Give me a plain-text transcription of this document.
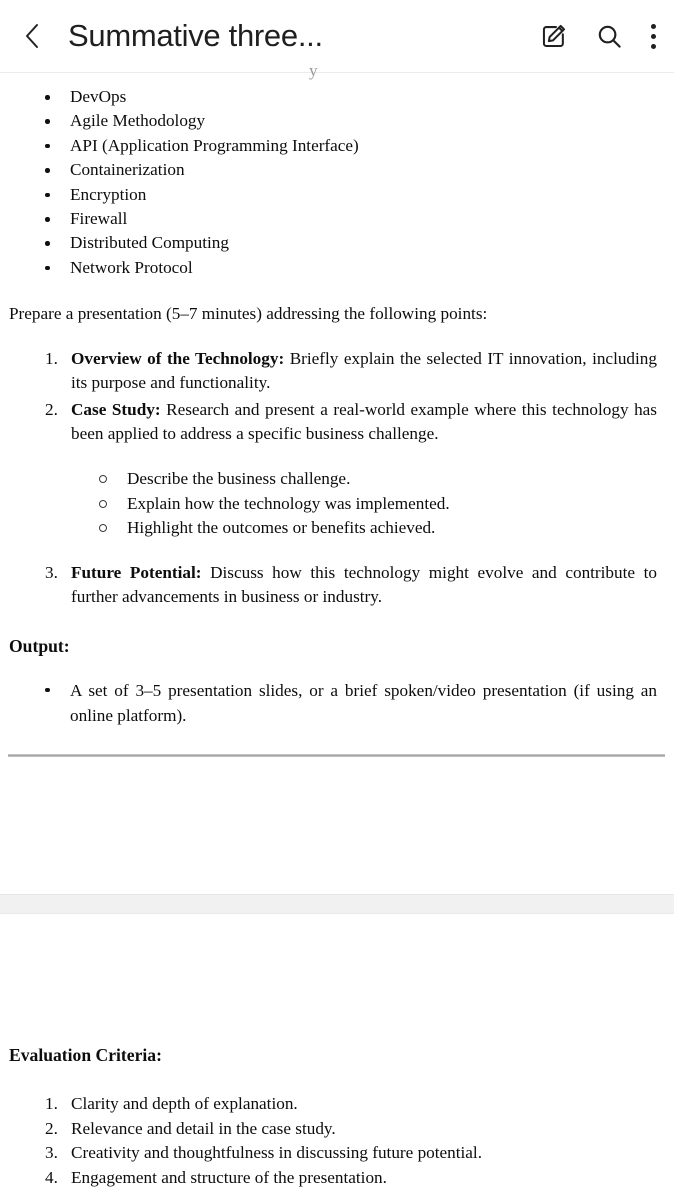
Summative three...
y
DevOps
Agile Methodology
API (Application Programming Interface)
Containerization
Encryption
Firewall
Distributed Computing
Network Protocol

Prepare a presentation (5–7 minutes) addressing the following points:

1. Overview of the Technology: Briefly explain the selected IT innovation, including its purpose and functionality.
2. Case Study: Research and present a real-world example where this technology has been applied to address a specific business challenge.
Describe the business challenge.
Explain how the technology was implemented.
Highlight the outcomes or benefits achieved.
3. Future Potential: Discuss how this technology might evolve and contribute to further advancements in business or industry.
Output:
A set of 3–5 presentation slides, or a brief spoken/video presentation (if using an online platform).
Evaluation Criteria:
1. Clarity and depth of explanation.
2. Relevance and detail in the case study.
3. Creativity and thoughtfulness in discussing future potential.
4. Engagement and structure of the presentation.
